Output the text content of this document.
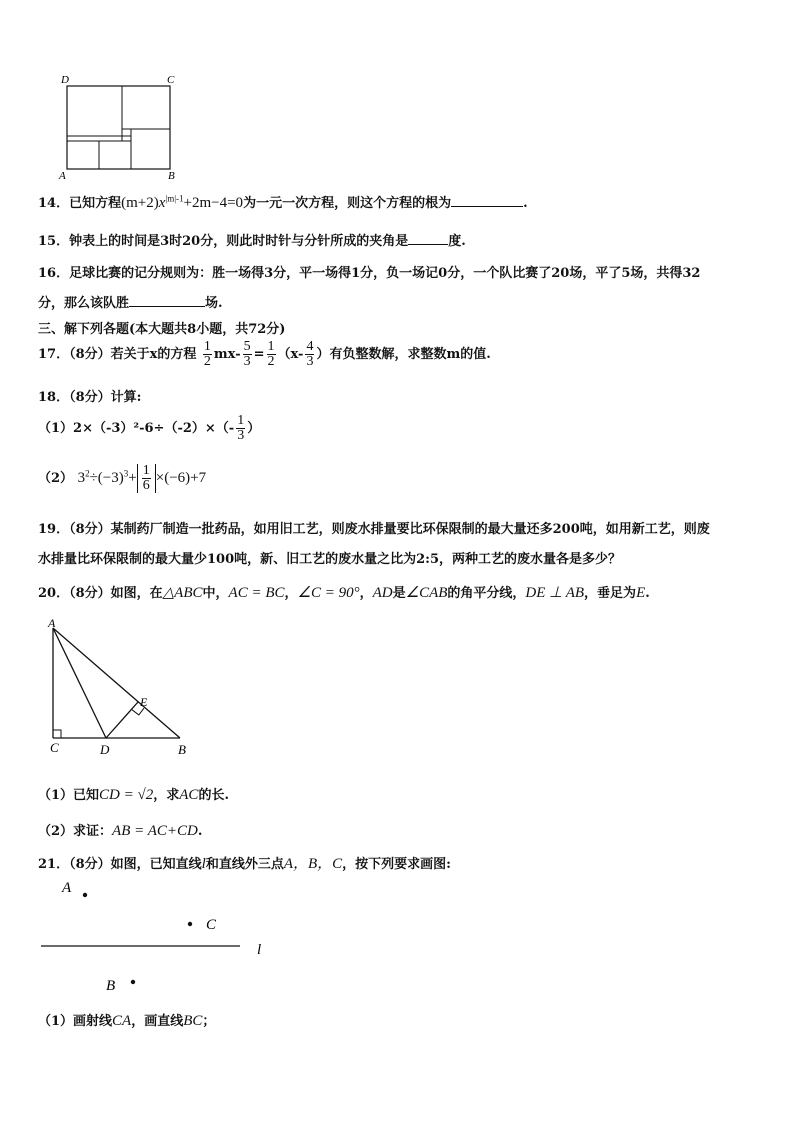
D	C
A	B
14．已知方程$(m+2)x^{|m|-1}+2m-4=0$为一元一次方程，则这个方程的根为	.
15．钟表上的时间是3时20分，则此时时针与分针所成的夹角是	度.
16．足球比赛的记分规则为：胜一场得3分，平一场得1分，负一场记0分，一个队比赛了20场，平了5场，共得32
分，那么该队胜	场.
三、解下列各题(本大题共8小题，共72分)
17．（8分）若关于x的方程 $\frac{1}{2} mx- \frac{5}{3} = \frac{1}{2} (x- \frac{4}{3}$ ）有负整数解，求整数m的值.
18．（8分）计算:
$(1)2\times(-3)^2-6\div(-2)\times(- \frac{1}{3}$ ）
（2） $3^2\div(-3)^3+ \frac{1}{6} \times(-6)+7$
19．（8分）某制药厂制造一批药品，如用旧工艺，则废水排量要比环保限制的最大量还多200吨，如用新工艺，则废
水排量比环保限制的最大量少100吨，新、旧工艺的废水量之比为2:5，两种工艺的废水量各是多少？
20．（8分）如图，在△ABC中，AC = BC，∠C = 90°，AD是∠CAB的角平分线，DE ⊥ AB，垂足为E.
A
C	D
E
B
（1）已知CD = √2，求AC的长.
（2）求证：AB = AC+CD.
21．（8分）如图，已知直线l和直线外三点A，B，C，按下列要求画图:
A
C
l
B
（1）画射线CA，画直线BC；
